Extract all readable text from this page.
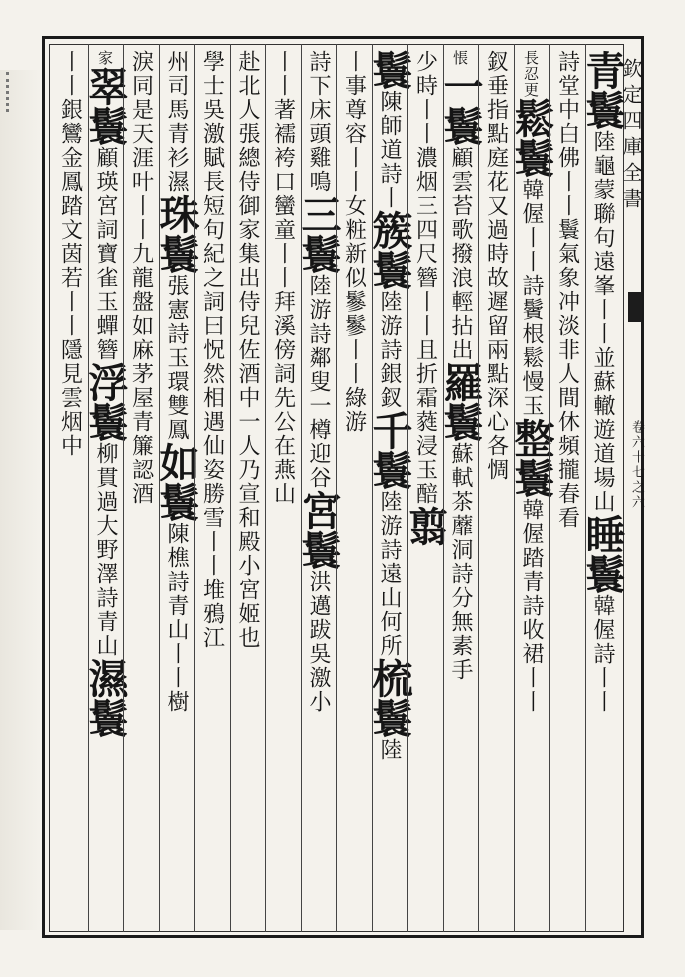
欽定四庫全書
卷六十七之六
青鬟陸龜蒙聯句遠峯丨丨並蘇轍遊道場山睡鬟韓偓詩丨丨
詩堂中白佛丨丨鬟氣象冲淡非人間休頻攏春看
長忍更鬆鬟韓偓丨丨詩鬢根鬆慢玉整鬟韓偓踏青詩收裙丨丨
釵垂指點庭花又過時故遲留兩點深心各惆
悵一鬟顧雲苔歌撥浪輕拈出羅鬟蘇軾茶蘼洞詩分無素手
少時丨丨濃烟三四尺簪丨丨且折霜蕤浸玉醅翦
鬟陳師道詩丨簇鬟陸游詩銀釵千鬟陸游詩遠山何所梳鬟陸
丨事尊容丨丨女粧新似鬖鬖丨丨綠游
詩下床頭雞鳴三鬟陸游詩鄰叟一樽迎谷宮鬟洪邁跋吳激小
丨丨著襦袴口蠻童丨丨拜溪傍詞先公在燕山
赴北人張總侍御家集出侍兒佐酒中一人乃宣和殿小宮姬也
學士吳激賦長短句紀之詞曰怳然相遇仙姿勝雪丨丨堆鴉江
州司馬青衫濕珠鬟張憲詩玉環雙鳳如鬟陳樵詩青山丨丨樹
淚同是天涯叶丨丨九龍盤如麻茅屋青簾認酒
家翠鬟顧瑛宮詞寶雀玉蟬簪浮鬟柳貫過大野澤詩青山濕鬟
丨丨銀鸞金鳳踏文茵若丨丨隱見雲烟中
